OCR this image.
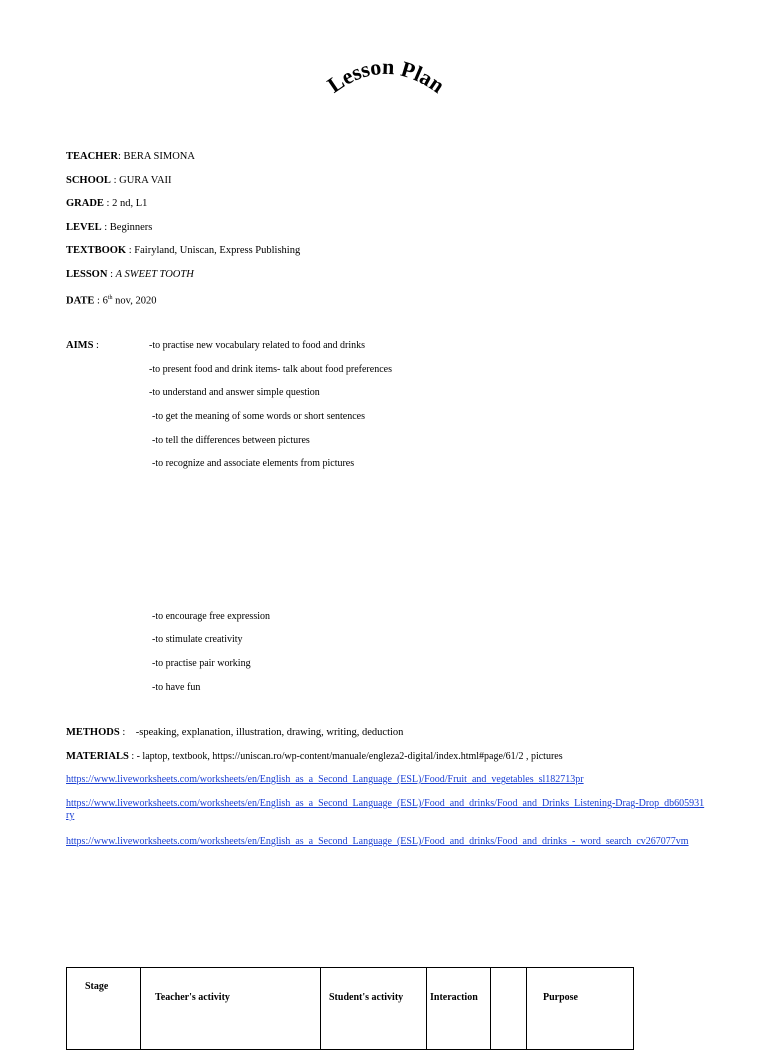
Lesson Plan
TEACHER: BERA SIMONA
SCHOOL : GURA VAII
GRADE : 2 nd, L1
LEVEL : Beginners
TEXTBOOK : Fairyland, Uniscan, Express Publishing
LESSON : A SWEET TOOTH
DATE : 6th nov, 2020
AIMS :	-to practise new vocabulary related to food and drinks
-to present food and drink items- talk about food preferences
-to understand and answer simple question
-to get the meaning of some words or short sentences
-to tell the differences between pictures
-to recognize and associate elements from pictures
-to encourage free expression
-to stimulate creativity
-to practise pair working
-to have fun
METHODS :    -speaking, explanation, illustration, drawing, writing, deduction
MATERIALS : - laptop, textbook, https://uniscan.ro/wp-content/manuale/engleza2-digital/index.html#page/61/2 , pictures
https://www.liveworksheets.com/worksheets/en/English_as_a_Second_Language_(ESL)/Food/Fruit_and_vegetables_sl182713pr
https://www.liveworksheets.com/worksheets/en/English_as_a_Second_Language_(ESL)/Food_and_drinks/Food_and_Drinks_Listening-Drag-Drop_db605931ry
https://www.liveworksheets.com/worksheets/en/English_as_a_Second_Language_(ESL)/Food_and_drinks/Food_and_drinks_-_word_search_cv267077vm
Stage	Teacher's activity	Student's activity	Interaction		Purpose
